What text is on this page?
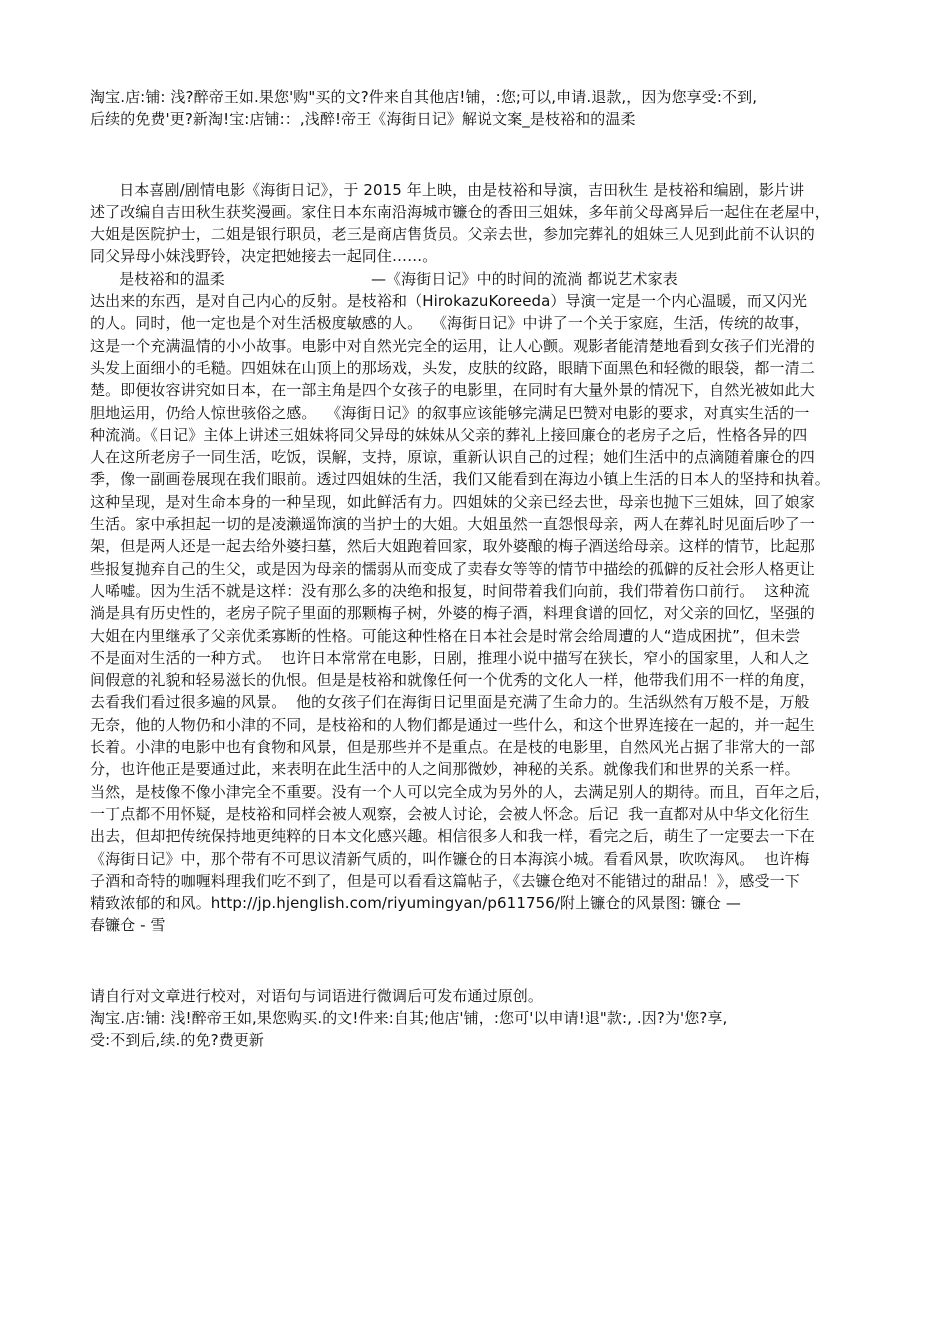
淘宝.店:铺: 浅?醉帝王如.果您'购"买的文?件来自其他店!铺，:您;可以,申请.退款,，因为您享受:不到,
后续的免费'更?新淘!宝:店铺:：,浅醉!帝王《海街日记》解说文案_是枝裕和的温柔
日本喜剧/剧情电影《海街日记》，于 2015 年上映，由是枝裕和导演，吉田秋生 是枝裕和编剧，影片讲
述了改编自吉田秋生获奖漫画。家住日本东南沿海城市镰仓的香田三姐妹，多年前父母离异后一起住在老屋中，
大姐是医院护士，二姐是银行职员，老三是商店售货员。父亲去世，参加完葬礼的姐妹三人见到此前不认识的
同父异母小妹浅野铃，决定把她接去一起同住……。
是枝裕和的温柔                              —《海街日记》中的时间的流淌 都说艺术家表
达出来的东西，是对自己内心的反射。是枝裕和（HirokazuKoreeda）导演一定是一个内心温暖，而又闪光
的人。同时，他一定也是个对生活极度敏感的人。  《海街日记》中讲了一个关于家庭，生活，传统的故事，
这是一个充满温情的小小故事。电影中对自然光完全的运用，让人心颤。观影者能清楚地看到女孩子们光滑的
头发上面细小的毛糙。四姐妹在山顶上的那场戏，头发，皮肤的纹路，眼睛下面黑色和轻微的眼袋，都一清二
楚。即便妆容讲究如日本，在一部主角是四个女孩子的电影里，在同时有大量外景的情况下，自然光被如此大
胆地运用，仍给人惊世骇俗之感。  《海街日记》的叙事应该能够完满足巴赞对电影的要求，对真实生活的一
种流淌。《日记》主体上讲述三姐妹将同父异母的妹妹从父亲的葬礼上接回廉仓的老房子之后，性格各异的四
人在这所老房子一同生活，吃饭，误解，支持，原谅，重新认识自己的过程；她们生活中的点滴随着廉仓的四
季，像一副画卷展现在我们眼前。透过四姐妹的生活，我们又能看到在海边小镇上生活的日本人的坚持和执着。
这种呈现，是对生命本身的一种呈现，如此鲜活有力。四姐妹的父亲已经去世，母亲也抛下三姐妹，回了娘家
生活。家中承担起一切的是凌濑遥饰演的当护士的大姐。大姐虽然一直怨恨母亲，两人在葬礼时见面后吵了一
架，但是两人还是一起去给外婆扫墓，然后大姐跑着回家，取外婆酿的梅子酒送给母亲。这样的情节，比起那
些报复抛弃自己的生父，或是因为母亲的懦弱从而变成了卖春女等等的情节中描绘的孤僻的反社会形人格更让
人唏嘘。因为生活不就是这样：没有那么多的决绝和报复，时间带着我们向前，我们带着伤口前行。  这种流
淌是具有历史性的，老房子院子里面的那颗梅子树，外婆的梅子酒，料理食谱的回忆，对父亲的回忆，坚强的
大姐在内里继承了父亲优柔寡断的性格。可能这种性格在日本社会是时常会给周遭的人“造成困扰”，但未尝
不是面对生活的一种方式。  也许日本常常在电影，日剧，推理小说中描写在狭长，窄小的国家里，人和人之
间假意的礼貌和轻易滋长的仇恨。但是是枝裕和就像任何一个优秀的文化人一样，他带我们用不一样的角度，
去看我们看过很多遍的风景。  他的女孩子们在海街日记里面是充满了生命力的。生活纵然有万般不是，万般
无奈，他的人物仍和小津的不同，是枝裕和的人物们都是通过一些什么，和这个世界连接在一起的，并一起生
长着。小津的电影中也有食物和风景，但是那些并不是重点。在是枝的电影里，自然风光占据了非常大的一部
分，也许他正是要通过此，来表明在此生活中的人之间那微妙，神秘的关系。就像我们和世界的关系一样。
当然，是枝像不像小津完全不重要。没有一个人可以完全成为另外的人，去满足别人的期待。而且，百年之后，
一丁点都不用怀疑，是枝裕和同样会被人观察，会被人讨论，会被人怀念。后记  我一直都对从中华文化衍生
出去，但却把传统保持地更纯粹的日本文化感兴趣。相信很多人和我一样，看完之后，萌生了一定要去一下在
《海街日记》中，那个带有不可思议清新气质的，叫作镰仓的日本海滨小城。看看风景，吹吹海风。  也许梅
子酒和奇特的咖喱料理我们吃不到了，但是可以看看这篇帖子，《去镰仓绝对不能错过的甜品！》，感受一下
精致浓郁的和风。http://jp.hjenglish.com/riyumingyan/p611756/附上镰仓的风景图: 镰仓 —
春镰仓 - 雪
请自行对文章进行校对，对语句与词语进行微调后可发布通过原创。
淘宝.店:铺: 浅!醉帝王如,果您购买.的文!件来:自其;他店'铺，:您可'以申请!退"款:, .因?为'您?享,
受:不到后,续.的免?费更新
